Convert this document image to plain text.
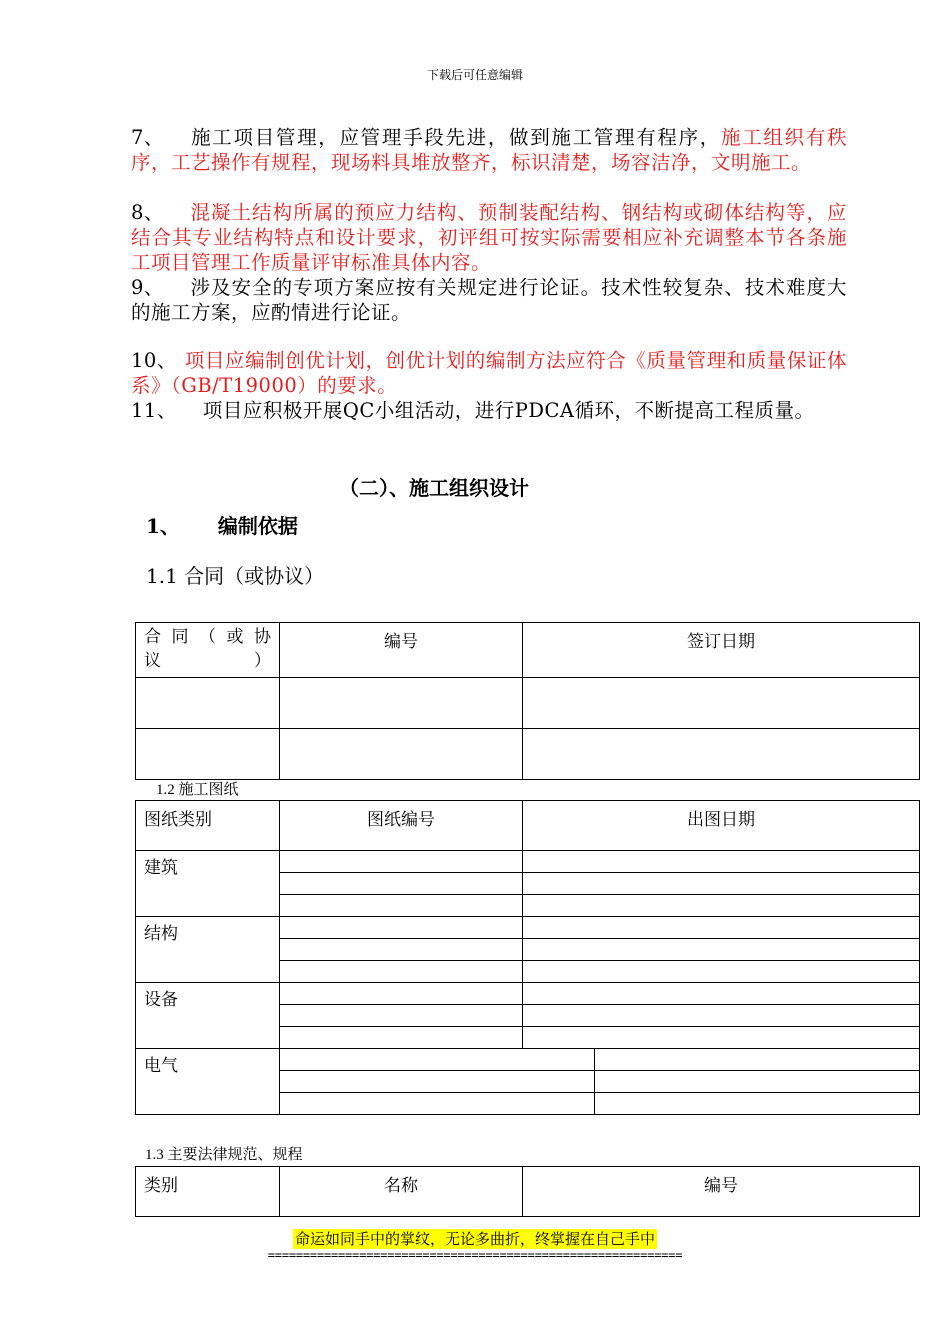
下载后可任意编辑
7、 施工项目管理，应管理手段先进，做到施工管理有程序，施工组织有秩序，工艺操作有规程，现场料具堆放整齐，标识清楚，场容洁净，文明施工。
8、 混凝土结构所属的预应力结构、预制装配结构、钢结构或砌体结构等，应结合其专业结构特点和设计要求，初评组可按实际需要相应补充调整本节各条施工项目管理工作质量评审标准具体内容。
9、 涉及安全的专项方案应按有关规定进行论证。技术性较复杂、技术难度大的施工方案，应酌情进行论证。
10、 项目应编制创优计划，创优计划的编制方法应符合《质量管理和质量保证体系》（GB/T19000）的要求。
11、 项目应积极开展QC小组活动，进行PDCA循环，不断提高工程质量。
（二）、施工组织设计
1、 编制依据
1.1 合同（或协议）
合 同 （ 或 协 议）	编号	签订日期

1.2 施工图纸
图纸类别	图纸编号	出图日期	
建筑			

结构			

设备			

电气			

1.3 主要法律规范、规程
类别	名称	编号
命运如同手中的掌纹，无论多曲折，终掌握在自己手中
===========================================================
